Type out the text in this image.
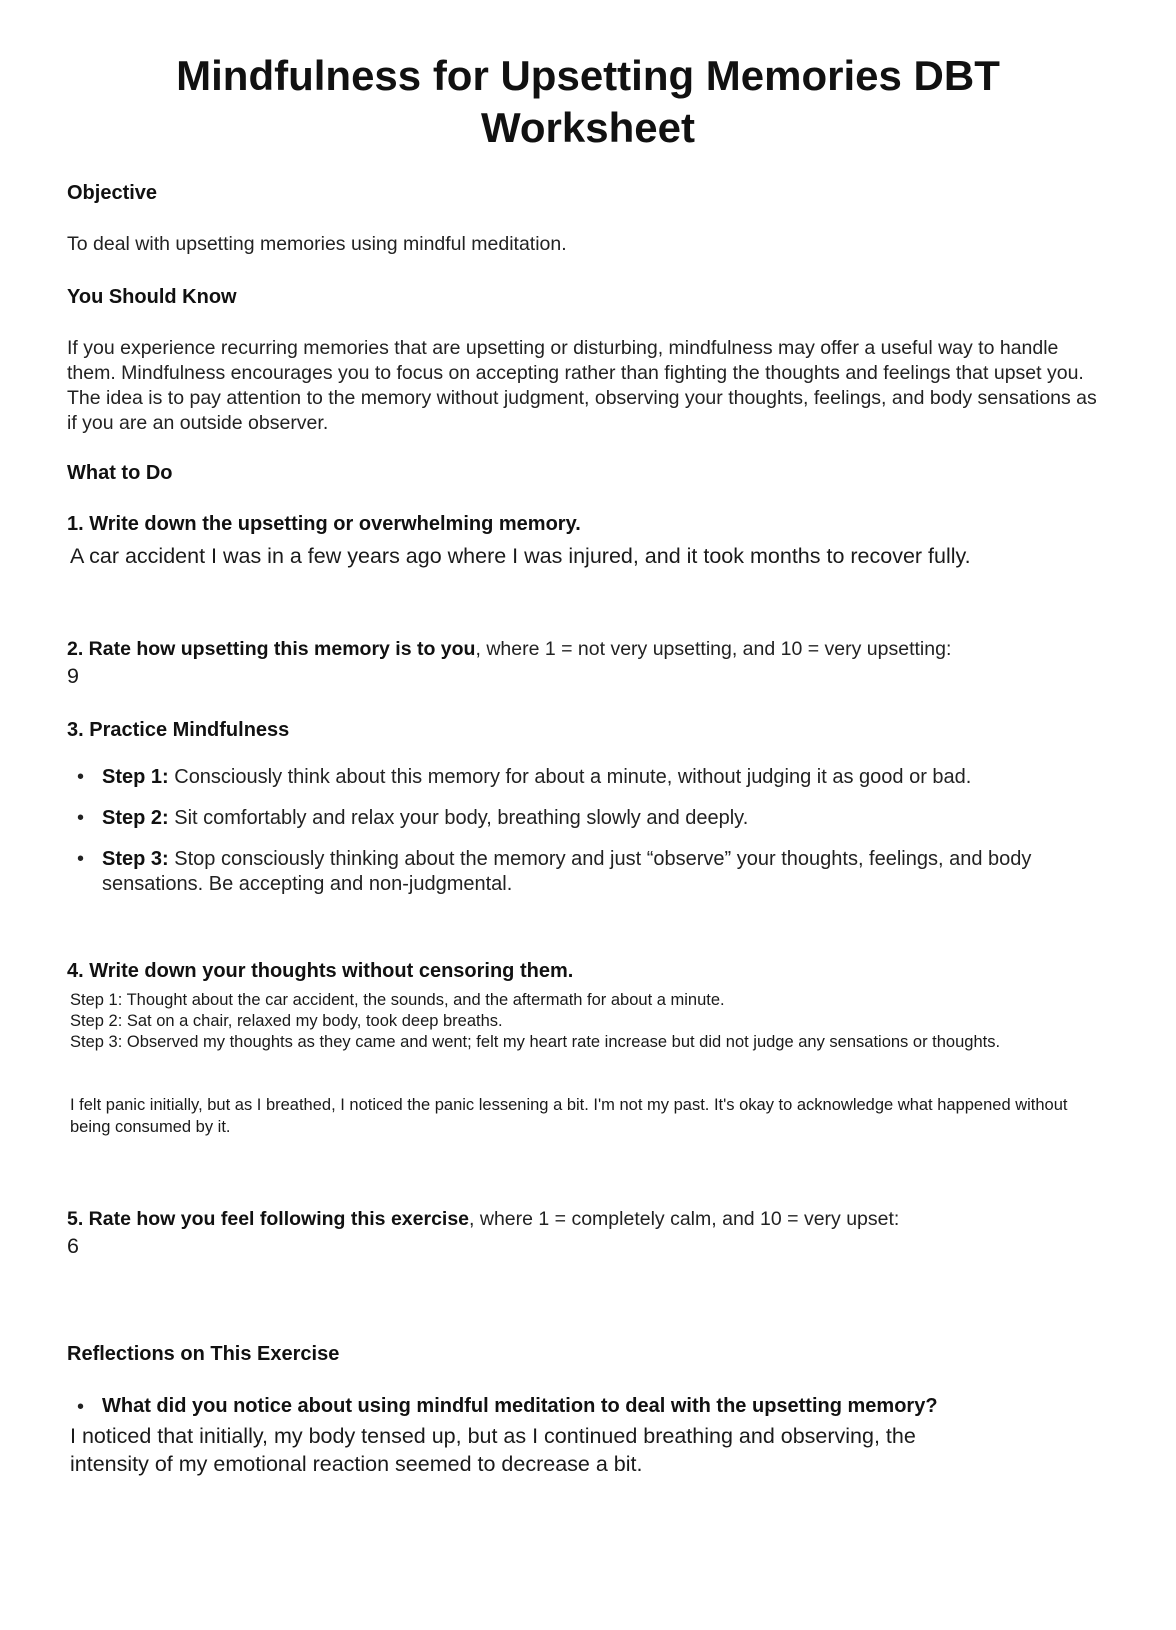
Mindfulness for Upsetting Memories DBT Worksheet
Objective
To deal with upsetting memories using mindful meditation.
You Should Know
If you experience recurring memories that are upsetting or disturbing, mindfulness may offer a useful way to handle them. Mindfulness encourages you to focus on accepting rather than fighting the thoughts and feelings that upset you. The idea is to pay attention to the memory without judgment, observing your thoughts, feelings, and body sensations as if you are an outside observer.
What to Do
1. Write down the upsetting or overwhelming memory.
A car accident I was in a few years ago where I was injured, and it took months to recover fully.
2. Rate how upsetting this memory is to you, where 1 = not very upsetting, and 10 = very upsetting:
9
3. Practice Mindfulness
• Step 1: Consciously think about this memory for about a minute, without judging it as good or bad.
• Step 2: Sit comfortably and relax your body, breathing slowly and deeply.
• Step 3: Stop consciously thinking about the memory and just “observe” your thoughts, feelings, and body sensations. Be accepting and non-judgmental.
4. Write down your thoughts without censoring them.
Step 1: Thought about the car accident, the sounds, and the aftermath for about a minute.
Step 2: Sat on a chair, relaxed my body, took deep breaths.
Step 3: Observed my thoughts as they came and went; felt my heart rate increase but did not judge any sensations or thoughts.
I felt panic initially, but as I breathed, I noticed the panic lessening a bit. I'm not my past. It's okay to acknowledge what happened without being consumed by it.
5. Rate how you feel following this exercise, where 1 = completely calm, and 10 = very upset:
6
Reflections on This Exercise
• What did you notice about using mindful meditation to deal with the upsetting memory?
I noticed that initially, my body tensed up, but as I continued breathing and observing, the intensity of my emotional reaction seemed to decrease a bit.
